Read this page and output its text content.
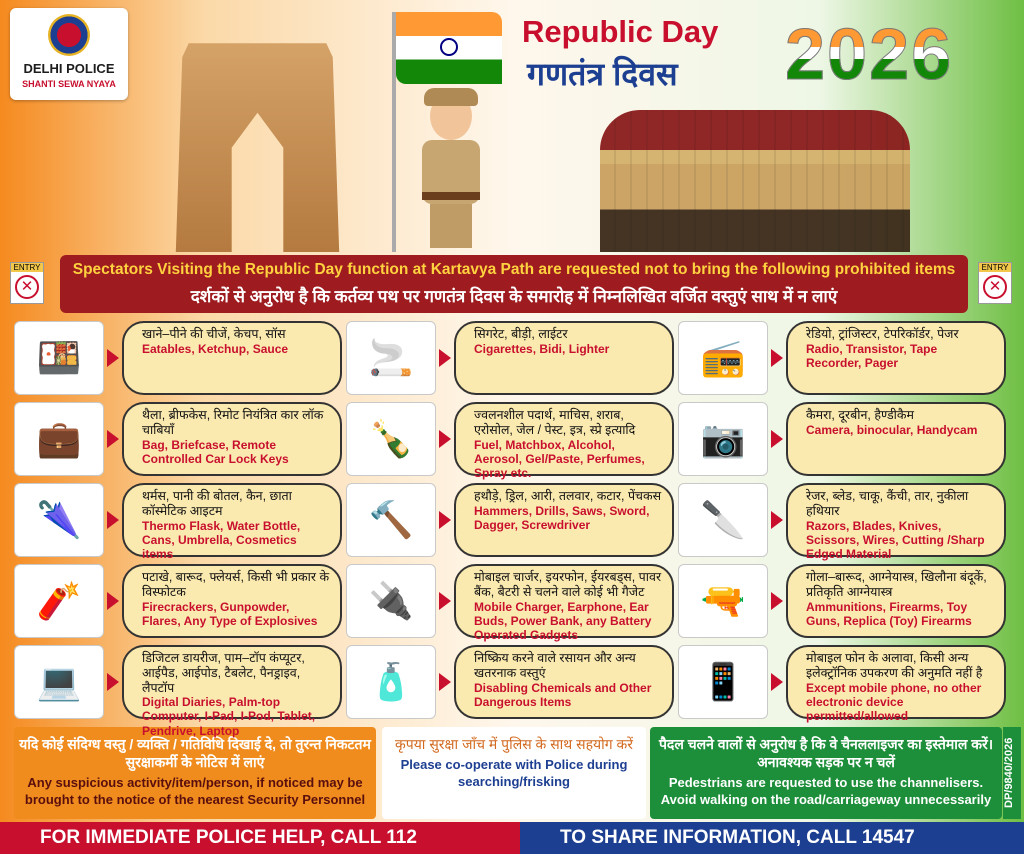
DELHI POLICE
SHANTI SEWA NYAYA
Republic Day
गणतंत्र दिवस 2026
ENTRY
✕
Spectators Visiting the Republic Day function at Kartavya Path are requested not to bring the following prohibited items
दर्शकों से अनुरोध है कि कर्तव्य पथ पर गणतंत्र दिवस के समारोह में निम्नलिखित वर्जित वस्तुएं साथ में न लाएं
ENTRY
✕
यदि कोई संदिग्ध वस्तु / व्यक्ति / गतिविधि दिखाई दे, तो तुरन्त निकटतम सुरक्षाकर्मी के नोटिस में लाएं
Any suspicious activity/item/person, if noticed may be brought to the notice of the nearest Security Personnel
कृपया सुरक्षा जाँच में पुलिस के साथ सहयोग करें
Please co-operate with Police during searching/frisking
पैदल चलने वालों से अनुरोध है कि वे चैनललाइजर का इस्तेमाल करें। अनावश्यक सड़क पर न चलें
Pedestrians are requested to use the channelisers. Avoid walking on the road/carriageway unnecessarily	DP/9840/2026
FOR IMMEDIATE POLICE HELP, CALL 112	TO SHARE INFORMATION, CALL 14547
🍱
खाने–पीने की चीजें, केचप, सॉस
Eatables, Ketchup, Sauce	🚬
सिगरेट, बीड़ी, लाईटर
Cigarettes, Bidi, Lighter	📻
रेडियो, ट्रांजिस्टर, टेपरिकॉर्डर, पेजर
Radio, Transistor, Tape Recorder, Pager
💼
थैला, ब्रीफकेस, रिमोट नियंत्रित कार लॉक चाबियाँ
Bag, Briefcase, Remote Controlled Car Lock Keys	🍾
ज्वलनशील पदार्थ, माचिस, शराब, एरोसोल, जेल / पेस्ट, इत्र, स्प्रे इत्यादि
Fuel, Matchbox, Alcohol, Aerosol, Gel/Paste, Perfumes, Spray etc.
📷
कैमरा, दूरबीन, हैण्डीकैम
Camera, binocular, Handycam
🌂
थर्मस, पानी की बोतल, कैन, छाता कॉस्मेटिक आइटम
Thermo Flask, Water Bottle, Cans, Umbrella, Cosmetics items
🔨
हथौड़े, ड्रिल, आरी, तलवार, कटार, पेंचकस
Hammers, Drills, Saws, Sword, Dagger, Screwdriver	🔪
रेजर, ब्लेड, चाकू, कैंची, तार, नुकीला हथियार
Razors, Blades, Knives, Scissors, Wires, Cutting /Sharp Edged Material
🧨
पटाखे, बारूद, फ्लेयर्स, किसी भी प्रकार के विस्फोटक
Firecrackers, Gunpowder, Flares, Any Type of Explosives	🔌
मोबाइल चार्जर, इयरफोन, ईयरबड्स, पावर बैंक, बैटरी से चलने वाले कोई भी गैजेट
Mobile Charger, Earphone, Ear Buds, Power Bank, any Battery Operated Gadgets
🔫
गोला–बारूद, आग्नेयास्त्र, खिलौना बंदूकें, प्रतिकृति आग्नेयास्त्र
Ammunitions, Firearms, Toy Guns, Replica (Toy) Firearms
💻
डिजिटल डायरीज, पाम–टॉप कंप्यूटर, आईपैड, आईपोड, टैबलेट, पैनड्राइव, लैपटॉप
Digital Diaries, Palm-top Computer, I-Pad, I-Pod, Tablet, Pendrive, Laptop
🧴
निष्क्रिय करने वाले रसायन और अन्य खतरनाक वस्तुएं
Disabling Chemicals and Other Dangerous Items	📱
मोबाइल फोन के अलावा, किसी अन्य इलेक्ट्रॉनिक उपकरण की अनुमति नहीं है
Except mobile phone, no other electronic device permitted/allowed
